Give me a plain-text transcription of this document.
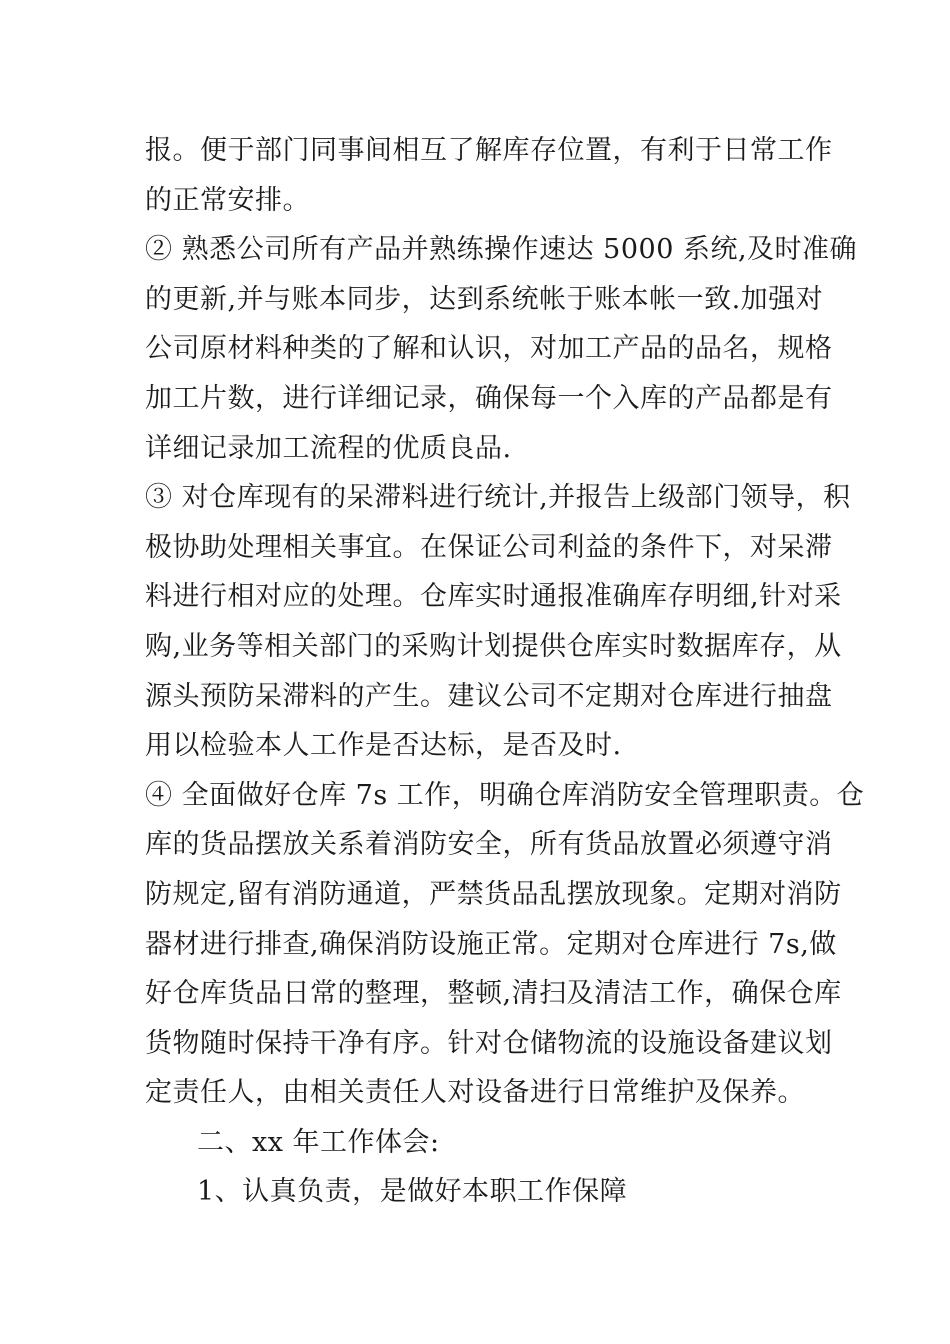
报。便于部门同事间相互了解库存位置，有利于日常工作
的正常安排。
② 熟悉公司所有产品并熟练操作速达 5000 系统,及时准确
的更新,并与账本同步，达到系统帐于账本帐一致.加强对
公司原材料种类的了解和认识，对加工产品的品名，规格
加工片数，进行详细记录，确保每一个入库的产品都是有
详细记录加工流程的优质良品.
③ 对仓库现有的呆滞料进行统计,并报告上级部门领导，积
极协助处理相关事宜。在保证公司利益的条件下，对呆滞
料进行相对应的处理。仓库实时通报准确库存明细,针对采
购,业务等相关部门的采购计划提供仓库实时数据库存，从
源头预防呆滞料的产生。建议公司不定期对仓库进行抽盘
用以检验本人工作是否达标，是否及时.
④ 全面做好仓库 7s 工作，明确仓库消防安全管理职责。仓
库的货品摆放关系着消防安全，所有货品放置必须遵守消
防规定,留有消防通道，严禁货品乱摆放现象。定期对消防
器材进行排查,确保消防设施正常。定期对仓库进行 7s,做
好仓库货品日常的整理，整顿,清扫及清洁工作，确保仓库
货物随时保持干净有序。针对仓储物流的设施设备建议划
定责任人，由相关责任人对设备进行日常维护及保养。
二、xx 年工作体会:
1、认真负责，是做好本职工作保障
